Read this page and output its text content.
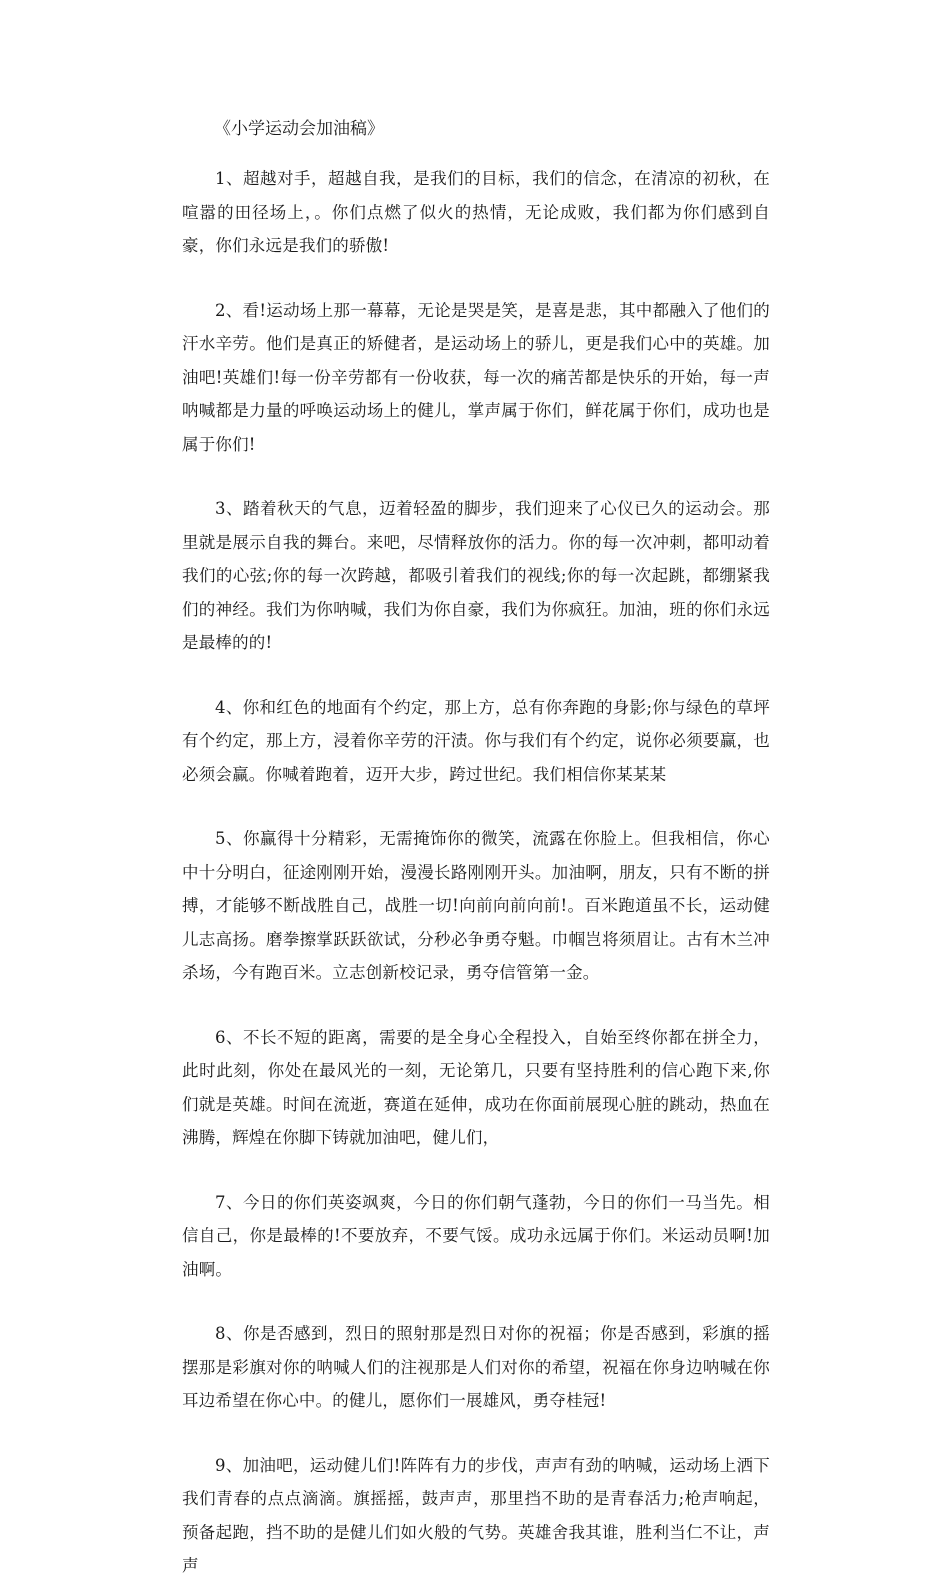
《小学运动会加油稿》

1、超越对手，超越自我，是我们的目标，我们的信念，在清凉的初秋，在喧嚣的田径场上，。你们点燃了似火的热情，无论成败，我们都为你们感到自豪，你们永远是我们的骄傲!

2、看!运动场上那一幕幕，无论是哭是笑，是喜是悲，其中都融入了他们的汗水辛劳。他们是真正的矫健者，是运动场上的骄儿，更是我们心中的英雄。加油吧!英雄们!每一份辛劳都有一份收获，每一次的痛苦都是快乐的开始，每一声呐喊都是力量的呼唤运动场上的健儿，掌声属于你们，鲜花属于你们，成功也是属于你们!

3、踏着秋天的气息，迈着轻盈的脚步，我们迎来了心仪已久的运动会。那里就是展示自我的舞台。来吧，尽情释放你的活力。你的每一次冲刺，都叩动着我们的心弦;你的每一次跨越，都吸引着我们的视线;你的每一次起跳，都绷紧我们的神经。我们为你呐喊，我们为你自豪，我们为你疯狂。加油，班的你们永远是最棒的的!

4、你和红色的地面有个约定，那上方，总有你奔跑的身影;你与绿色的草坪有个约定，那上方，浸着你辛劳的汗渍。你与我们有个约定，说你必须要赢，也必须会赢。你喊着跑着，迈开大步，跨过世纪。我们相信你某某某

5、你赢得十分精彩，无需掩饰你的微笑，流露在你脸上。但我相信，你心中十分明白，征途刚刚开始，漫漫长路刚刚开头。加油啊，朋友，只有不断的拼搏，才能够不断战胜自己，战胜一切!向前向前向前!。百米跑道虽不长，运动健儿志高扬。磨拳擦掌跃跃欲试，分秒必争勇夺魁。巾帼岂将须眉让。古有木兰冲杀场，今有跑百米。立志创新校记录，勇夺信管第一金。

6、不长不短的距离，需要的是全身心全程投入，自始至终你都在拼全力，此时此刻，你处在最风光的一刻，无论第几，只要有坚持胜利的信心跑下来,你们就是英雄。时间在流逝，赛道在延伸，成功在你面前展现心脏的跳动，热血在沸腾，辉煌在你脚下铸就加油吧，健儿们，

7、今日的你们英姿飒爽，今日的你们朝气蓬勃，今日的你们一马当先。相信自己，你是最棒的!不要放弃，不要气馁。成功永远属于你们。米运动员啊!加油啊。

8、你是否感到，烈日的照射那是烈日对你的祝福；你是否感到，彩旗的摇摆那是彩旗对你的呐喊人们的注视那是人们对你的希望，祝福在你身边呐喊在你耳边希望在你心中。的健儿，愿你们一展雄风，勇夺桂冠!

9、加油吧，运动健儿们!阵阵有力的步伐，声声有劲的呐喊，运动场上洒下我们青春的点点滴滴。旗摇摇，鼓声声，那里挡不助的是青春活力;枪声响起，预备起跑，挡不助的是健儿们如火般的气势。英雄舍我其谁，胜利当仁不让，声声
